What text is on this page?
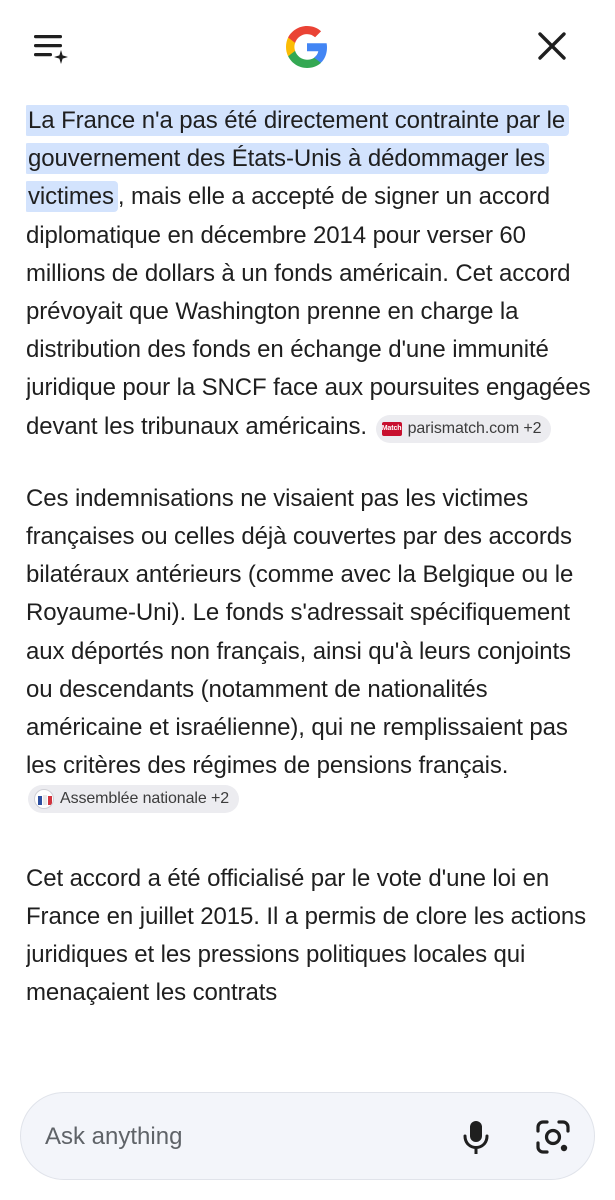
La France n'a pas été directement contrainte par le gouvernement des États-Unis à dédommager les victimes , mais elle a accepté de signer un accord diplomatique en décembre 2014 pour verser 60 millions de dollars à un fonds américain. Cet accord prévoyait que Washington prenne en charge la distribution des fonds en échange d'une immunité juridique pour la SNCF face aux poursuites engagées devant les tribunaux américains. Match parismatch.com +2

Ces indemnisations ne visaient pas les victimes françaises ou celles déjà couvertes par des accords bilatéraux antérieurs (comme avec la Belgique ou le Royaume-Uni). Le fonds s'adressait spécifiquement aux déportés non français, ainsi qu'à leurs conjoints ou descendants (notamment de nationalités américaine et israélienne), qui ne remplissaient pas les critères des régimes de pensions français.
Assemblée nationale +2

Cet accord a été officialisé par le vote d'une loi en France en juillet 2015. Il a permis de clore les actions juridiques et les pressions politiques locales qui menaçaient les contrats

Ask anything
